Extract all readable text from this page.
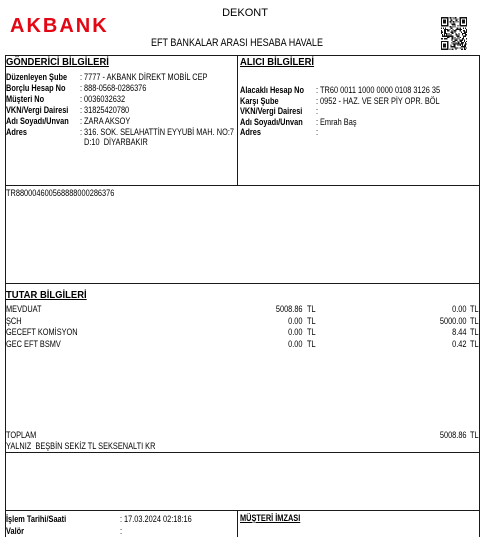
AKBANK
DEKONT
EFT BANKALAR ARASI HESABA HAVALE
GÖNDERİCİ BİLGİLERİ
Düzenleyen Şube : 7777 - AKBANK DİREKT MOBİL CEP
Borçlu Hesap No : 888-0568-0286376
Müşteri No	: 0036032632
VKN/Vergi Dairesi : 31825420780
Adı Soyadı/Unvan : ZARA AKSOY
Adres	: 316. SOK. SELAHATTİN EYYUBİ MAH. NO:7
D:10  DİYARBAKIR
ALICI BİLGİLERİ
Alacaklı Hesap No : TR60 0011 1000 0000 0108 3126 35
Karşı Şube	: 0952 - HAZ. VE SER PİY OPR. BÖL
VKN/Vergi Dairesi :
Adı Soyadı/Unvan : Emrah Baş
Adres	:
TR880004600568888000286376
TUTAR BİLGİLERİ
MEVDUAT	5008.86 TL	0.00 TL
ŞCH	0.00 TL	5000.00 TL
GECEFT KOMİSYON	0.00 TL	8.44 TL
GEC EFT BSMV	0.00 TL	0.42 TL
TOPLAM	5008.86 TL
YALNIZ  BEŞBİN SEKİZ TL SEKSENALTI KR
İşlem Tarihi/Saati	: 17.03.2024 02:18:16
Valör	:
MÜŞTERİ İMZASI
